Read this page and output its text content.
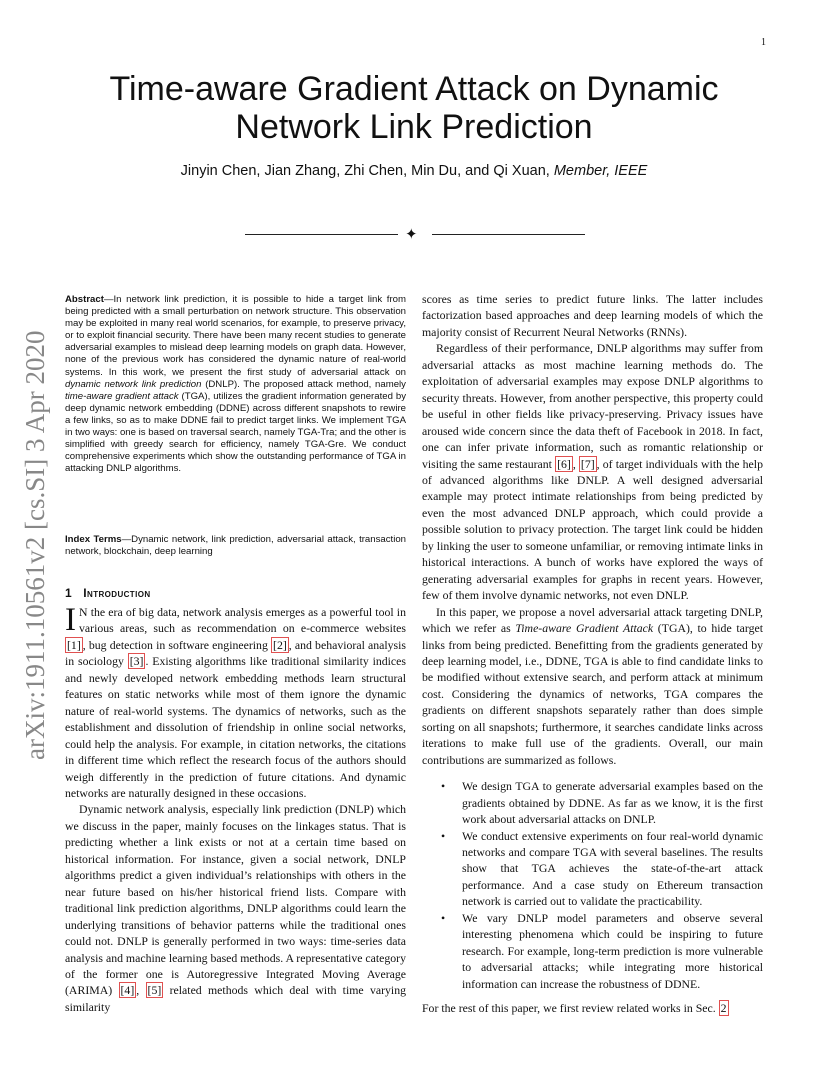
1
Time-aware Gradient Attack on Dynamic
Network Link Prediction
Jinyin Chen, Jian Zhang, Zhi Chen, Min Du, and Qi Xuan, Member, IEEE
✦
arXiv:1911.10561v2 [cs.SI] 3 Apr 2020
Abstract—In network link prediction, it is possible to hide a target link from being predicted with a small perturbation on network structure. This observation may be exploited in many real world scenarios, for example, to preserve privacy, or to exploit financial security. There have been many recent studies to generate adversarial examples to mislead deep learning models on graph data. However, none of the previous work has considered the dynamic nature of real-world systems. In this work, we present the first study of adversarial attack on dynamic network link prediction (DNLP). The proposed attack method, namely time-aware gradient attack (TGA), utilizes the gradient information generated by deep dynamic network embedding (DDNE) across different snapshots to rewire a few links, so as to make DDNE fail to predict target links. We implement TGA in two ways: one is based on traversal search, namely TGA-Tra; and the other is simplified with greedy search for efficiency, namely TGA-Gre. We conduct comprehensive experiments which show the outstanding performance of TGA in attacking DNLP algorithms.
Index Terms—Dynamic network, link prediction, adversarial attack, transaction network, blockchain, deep learning
1 Introduction

I N the era of big data, network analysis emerges as a powerful tool in various areas, such as recommendation on e-commerce websites [1] , bug detection in software engineering [2] , and behavioral analysis in sociology [3] . Existing algorithms like traditional similarity indices and newly developed network embedding methods learn structural features on static networks while most of them ignore the dynamic nature of real-world systems. The dynamics of networks, such as the establishment and dissolution of friendship in online social networks, could help the analysis. For example, in citation networks, the citations in different time which reflect the research focus of the authors should weigh differently in the prediction of future citations. And dynamic networks are naturally designed in these occasions.

Dynamic network analysis, especially link prediction (DNLP) which we discuss in the paper, mainly focuses on the linkages status. That is predicting whether a link exists or not at a certain time based on historical information. For instance, given a social network, DNLP algorithms predict a given individual’s relationships with others in the near future based on his/her historical friend lists. Compare with traditional link prediction algorithms, DNLP algorithms could learn the underlying transitions of behavior patterns while the traditional ones could not. DNLP is generally performed in two ways: time-series data analysis and machine learning based methods. A representative category of the former one is Autoregressive Integrated Moving Average (ARIMA) [4] , [5] related methods which deal with time varying similarity

scores as time series to predict future links. The latter includes factorization based approaches and deep learning models of which the majority consist of Recurrent Neural Networks (RNNs).

Regardless of their performance, DNLP algorithms may suffer from adversarial attacks as most machine learning methods do. The exploitation of adversarial examples may expose DNLP algorithms to security threats. However, from another perspective, this property could be useful in other fields like privacy-preserving. Privacy issues have aroused wide concern since the data theft of Facebook in 2018. In fact, one can infer private information, such as romantic relationship or visiting the same restaurant [6] , [7] , of target individuals with the help of advanced algorithms like DNLP. A well designed adversarial example may protect intimate relationships from being predicted by even the most advanced DNLP approach, which could provide a possible solution to privacy protection. The target link could be hidden by linking the user to someone unfamiliar, or removing intimate links in historical interactions. A bunch of works have explored the ways of generating adversarial examples for graphs in recent years. However, few of them involve dynamic networks, not even DNLP.

In this paper, we propose a novel adversarial attack targeting DNLP, which we refer as Time-aware Gradient Attack (TGA), to hide target links from being predicted. Benefitting from the gradients generated by deep learning model, i.e., DDNE, TGA is able to find candidate links to be modified without extensive search, and perform attack at minimum cost. Considering the dynamics of networks, TGA compares the gradients on different snapshots separately rather than does simple sorting on all snapshots; furthermore, it searches candidate links across iterations to make full use of the gradients. Overall, our main contributions are summarized as follows.

• We design TGA to generate adversarial examples based on the gradients obtained by DDNE. As far as we know, it is the first work about adversarial attacks on DNLP.
• We conduct extensive experiments on four real-world dynamic networks and compare TGA with several baselines. The results show that TGA achieves the state-of-the-art attack performance. And a case study on Ethereum transaction network is carried out to validate the practicability.
• We vary DNLP model parameters and observe several interesting phenomena which could be inspiring to future research. For example, long-term prediction is more vulnerable to adversarial attacks; while integrating more historical information can increase the robustness of DDNE.

For the rest of this paper, we first review related works in Sec. 2
